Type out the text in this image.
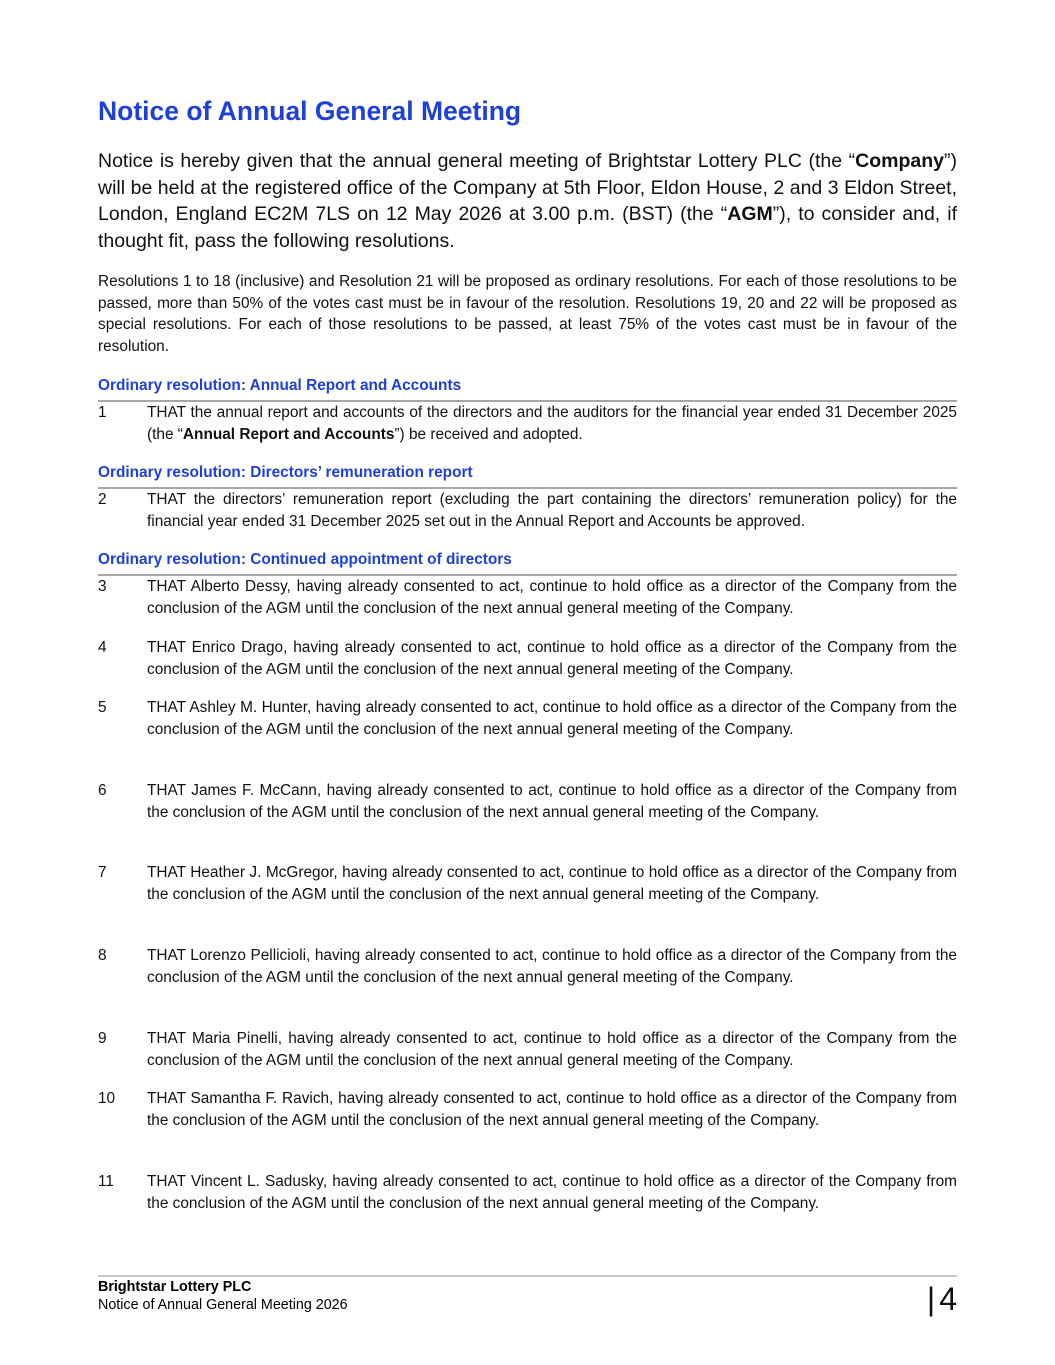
Notice of Annual General Meeting

Notice is hereby given that the annual general meeting of Brightstar Lottery PLC (the “Company”) will be held at the registered office of the Company at 5th Floor, Eldon House, 2 and 3 Eldon Street, London, England EC2M 7LS on 12 May 2026 at 3.00 p.m. (BST) (the “AGM”), to consider and, if thought fit, pass the following resolutions.

Resolutions 1 to 18 (inclusive) and Resolution 21 will be proposed as ordinary resolutions. For each of those resolutions to be passed, more than 50% of the votes cast must be in favour of the resolution. Resolutions 19, 20 and 22 will be proposed as special resolutions. For each of those resolutions to be passed, at least 75% of the votes cast must be in favour of the resolution.

Ordinary resolution: Annual Report and Accounts
1	THAT the annual report and accounts of the directors and the auditors for the financial year ended 31 December 2025 (the “Annual Report and Accounts”) be received and adopted.
Ordinary resolution: Directors’ remuneration report
2	THAT the directors’ remuneration report (excluding the part containing the directors’ remuneration policy) for the financial year ended 31 December 2025 set out in the Annual Report and Accounts be approved.
Ordinary resolution: Continued appointment of directors
3	THAT Alberto Dessy, having already consented to act, continue to hold office as a director of the Company from the conclusion of the AGM until the conclusion of the next annual general meeting of the Company.
4	THAT Enrico Drago, having already consented to act, continue to hold office as a director of the Company from the conclusion of the AGM until the conclusion of the next annual general meeting of the Company.
5	THAT Ashley M. Hunter, having already consented to act, continue to hold office as a director of the Company from the conclusion of the AGM until the conclusion of the next annual general meeting of the Company.
6	THAT James F. McCann, having already consented to act, continue to hold office as a director of the Company from the conclusion of the AGM until the conclusion of the next annual general meeting of the Company.
7	THAT Heather J. McGregor, having already consented to act, continue to hold office as a director of the Company from the conclusion of the AGM until the conclusion of the next annual general meeting of the Company.
8	THAT Lorenzo Pellicioli, having already consented to act, continue to hold office as a director of the Company from the conclusion of the AGM until the conclusion of the next annual general meeting of the Company.
9	THAT Maria Pinelli, having already consented to act, continue to hold office as a director of the Company from the conclusion of the AGM until the conclusion of the next annual general meeting of the Company.
10 THAT Samantha F. Ravich, having already consented to act, continue to hold office as a director of the Company from the conclusion of the AGM until the conclusion of the next annual general meeting of the Company.
11 THAT Vincent L. Sadusky, having already consented to act, continue to hold office as a director of the Company from the conclusion of the AGM until the conclusion of the next annual general meeting of the Company.
Brightstar Lottery PLC
Notice of Annual General Meeting 2026	| 4
